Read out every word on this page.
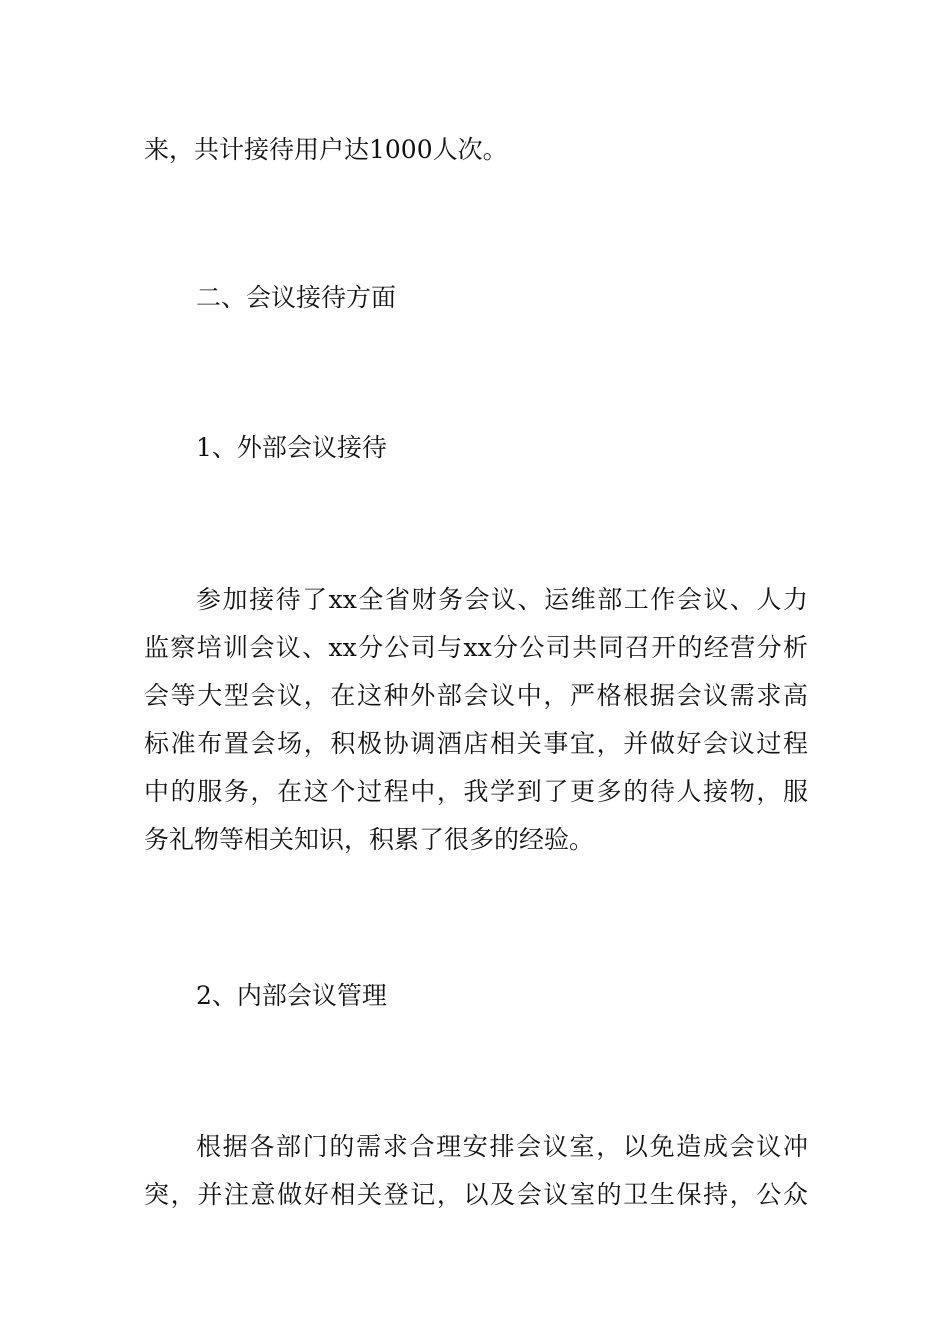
来，共计接待用户达1000人次。

二、会议接待方面

1、外部会议接待

参加接待了xx全省财务会议、运维部工作会议、人力

监察培训会议、xx分公司与xx分公司共同召开的经营分析

会等大型会议，在这种外部会议中，严格根据会议需求高

标准布置会场，积极协调酒店相关事宜，并做好会议过程

中的服务，在这个过程中，我学到了更多的待人接物，服

务礼物等相关知识，积累了很多的经验。

2、内部会议管理

根据各部门的需求合理安排会议室，以免造成会议冲

突，并注意做好相关登记，以及会议室的卫生保持，公众
